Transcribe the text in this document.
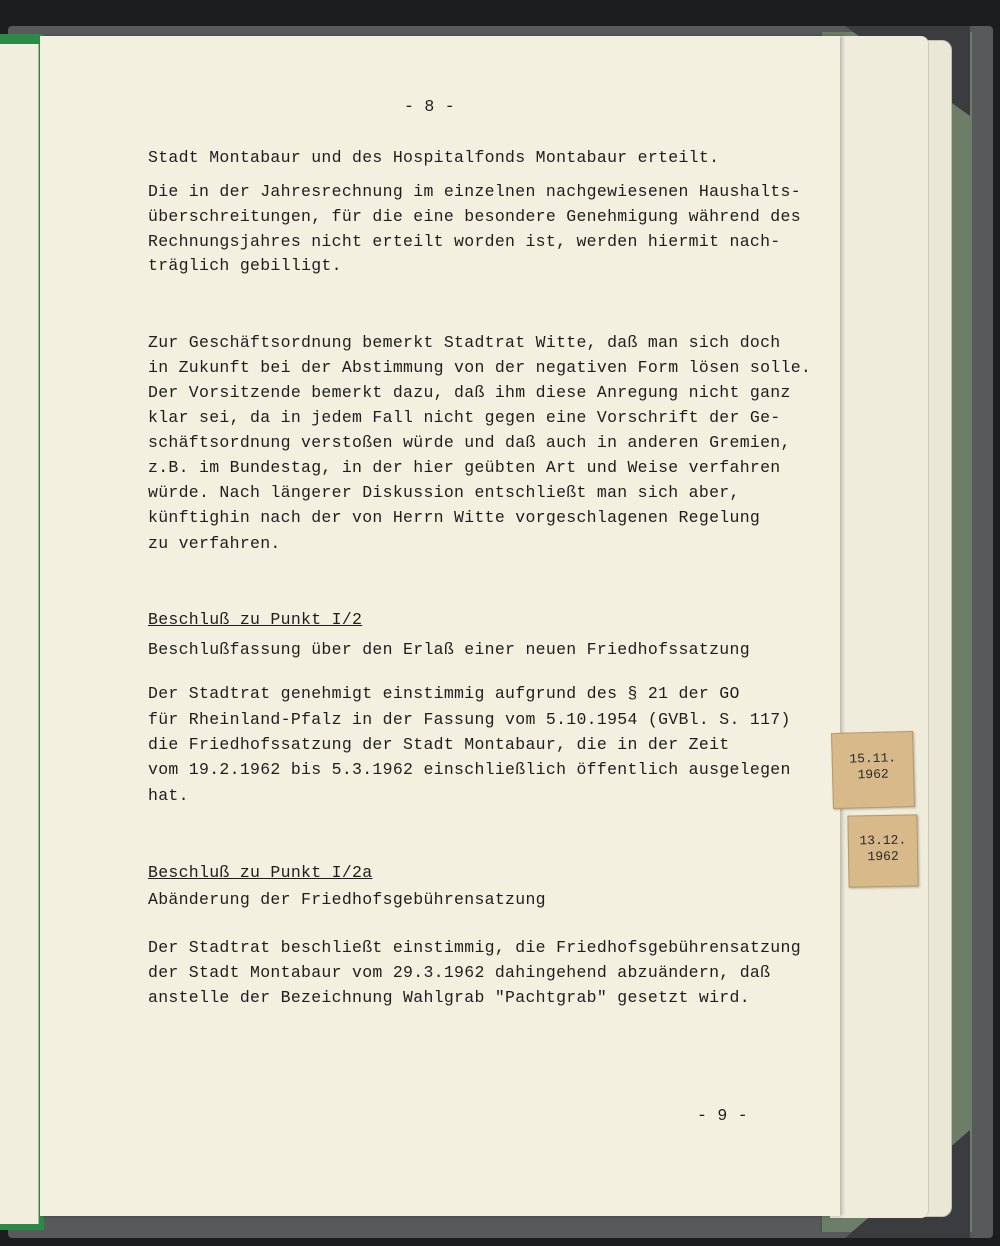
- 8 -

Stadt Montabaur und des Hospitalfonds Montabaur erteilt.

Die in der Jahresrechnung im einzelnen nachgewiesenen Haushalts-

überschreitungen, für die eine besondere Genehmigung während des

Rechnungsjahres nicht erteilt worden ist, werden hiermit nach-

träglich gebilligt.

Zur Geschäftsordnung bemerkt Stadtrat Witte, daß man sich doch

in Zukunft bei der Abstimmung von der negativen Form lösen solle.

Der Vorsitzende bemerkt dazu, daß ihm diese Anregung nicht ganz

klar sei, da in jedem Fall nicht gegen eine Vorschrift der Ge-

schäftsordnung verstoßen würde und daß auch in anderen Gremien,

z.B. im Bundestag, in der hier geübten Art und Weise verfahren

würde. Nach längerer Diskussion entschließt man sich aber,

künftighin nach der von Herrn Witte vorgeschlagenen Regelung

zu verfahren.

Beschluß zu Punkt I/2

Beschlußfassung über den Erlaß einer neuen Friedhofssatzung

Der Stadtrat genehmigt einstimmig aufgrund des § 21 der GO

für Rheinland-Pfalz in der Fassung vom 5.10.1954 (GVBl. S. 117)

die Friedhofssatzung der Stadt Montabaur, die in der Zeit

vom 19.2.1962 bis 5.3.1962 einschließlich öffentlich ausgelegen

hat.

Beschluß zu Punkt I/2a

Abänderung der Friedhofsgebührensatzung

Der Stadtrat beschließt einstimmig, die Friedhofsgebührensatzung

der Stadt Montabaur vom 29.3.1962 dahingehend abzuändern, daß

anstelle der Bezeichnung Wahlgrab "Pachtgrab" gesetzt wird.

- 9 -

15.11.
1962
13.12.
1962
